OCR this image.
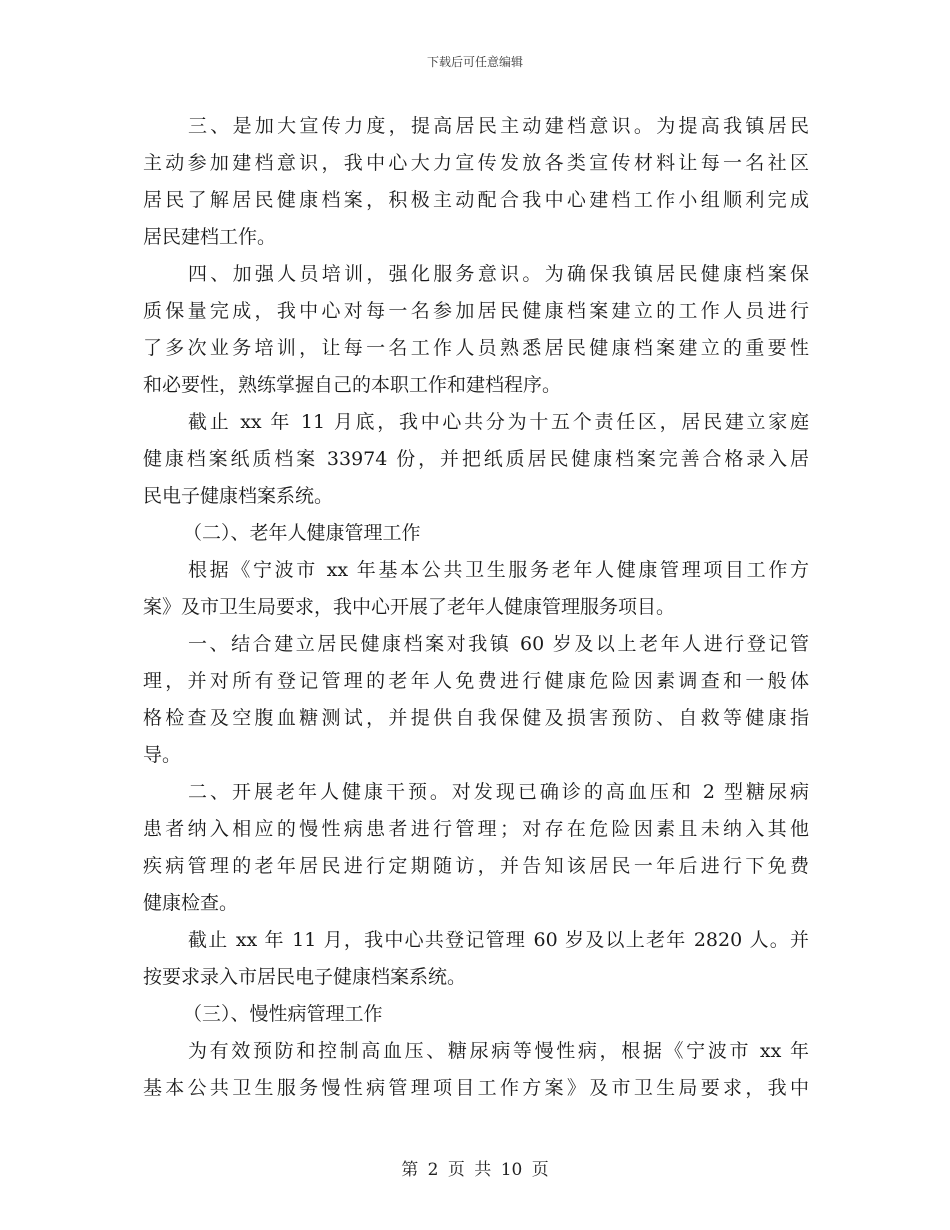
下载后可任意编辑
三、是加大宣传力度，提高居民主动建档意识。为提高我镇居民
主动参加建档意识，我中心大力宣传发放各类宣传材料让每一名社区
居民了解居民健康档案，积极主动配合我中心建档工作小组顺利完成
居民建档工作。
四、加强人员培训，强化服务意识。为确保我镇居民健康档案保
质保量完成，我中心对每一名参加居民健康档案建立的工作人员进行
了多次业务培训，让每一名工作人员熟悉居民健康档案建立的重要性
和必要性，熟练掌握自己的本职工作和建档程序。
截止 xx 年 11 月底，我中心共分为十五个责任区，居民建立家庭
健康档案纸质档案 33974 份，并把纸质居民健康档案完善合格录入居
民电子健康档案系统。
（二）、老年人健康管理工作
根据《宁波市 xx 年基本公共卫生服务老年人健康管理项目工作方
案》及市卫生局要求，我中心开展了老年人健康管理服务项目。
一、结合建立居民健康档案对我镇 60 岁及以上老年人进行登记管
理，并对所有登记管理的老年人免费进行健康危险因素调查和一般体
格检查及空腹血糖测试，并提供自我保健及损害预防、自救等健康指
导。
二、开展老年人健康干预。对发现已确诊的高血压和 2 型糖尿病
患者纳入相应的慢性病患者进行管理；对存在危险因素且未纳入其他
疾病管理的老年居民进行定期随访，并告知该居民一年后进行下免费
健康检查。
截止 xx 年 11 月，我中心共登记管理 60 岁及以上老年 2820 人。并
按要求录入市居民电子健康档案系统。
（三）、慢性病管理工作
为有效预防和控制高血压、糖尿病等慢性病，根据《宁波市 xx 年
基本公共卫生服务慢性病管理项目工作方案》及市卫生局要求，我中
第 2 页 共 10 页
